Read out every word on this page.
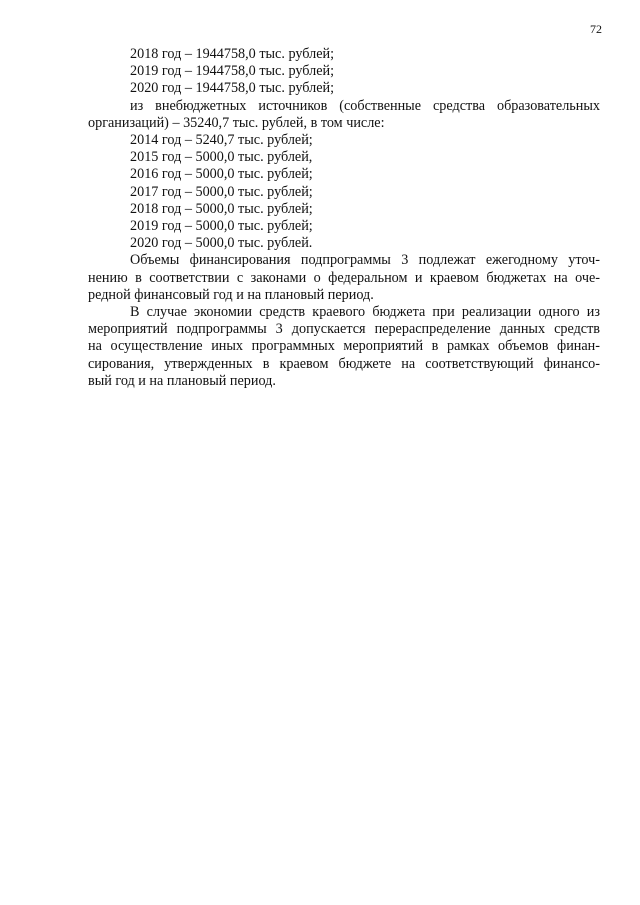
72
2018 год – 1944758,0 тыс. рублей;
2019 год – 1944758,0 тыс. рублей;
2020 год – 1944758,0 тыс. рублей;
из внебюджетных источников (собственные средства образовательных
организаций) – 35240,7 тыс. рублей, в том числе:
2014 год – 5240,7 тыс. рублей;
2015 год – 5000,0 тыс. рублей,
2016 год – 5000,0 тыс. рублей;
2017 год – 5000,0 тыс. рублей;
2018 год – 5000,0 тыс. рублей;
2019 год – 5000,0 тыс. рублей;
2020 год – 5000,0 тыс. рублей.
Объемы финансирования подпрограммы 3 подлежат ежегодному уточ-
нению в соответствии с законами о федеральном и краевом бюджетах на оче-
редной финансовый год и на плановый период.
В случае экономии средств краевого бюджета при реализации одного из
мероприятий подпрограммы 3 допускается перераспределение данных средств
на осуществление иных программных мероприятий в рамках объемов финан-
сирования, утвержденных в краевом бюджете на соответствующий финансо-
вый год и на плановый период.
